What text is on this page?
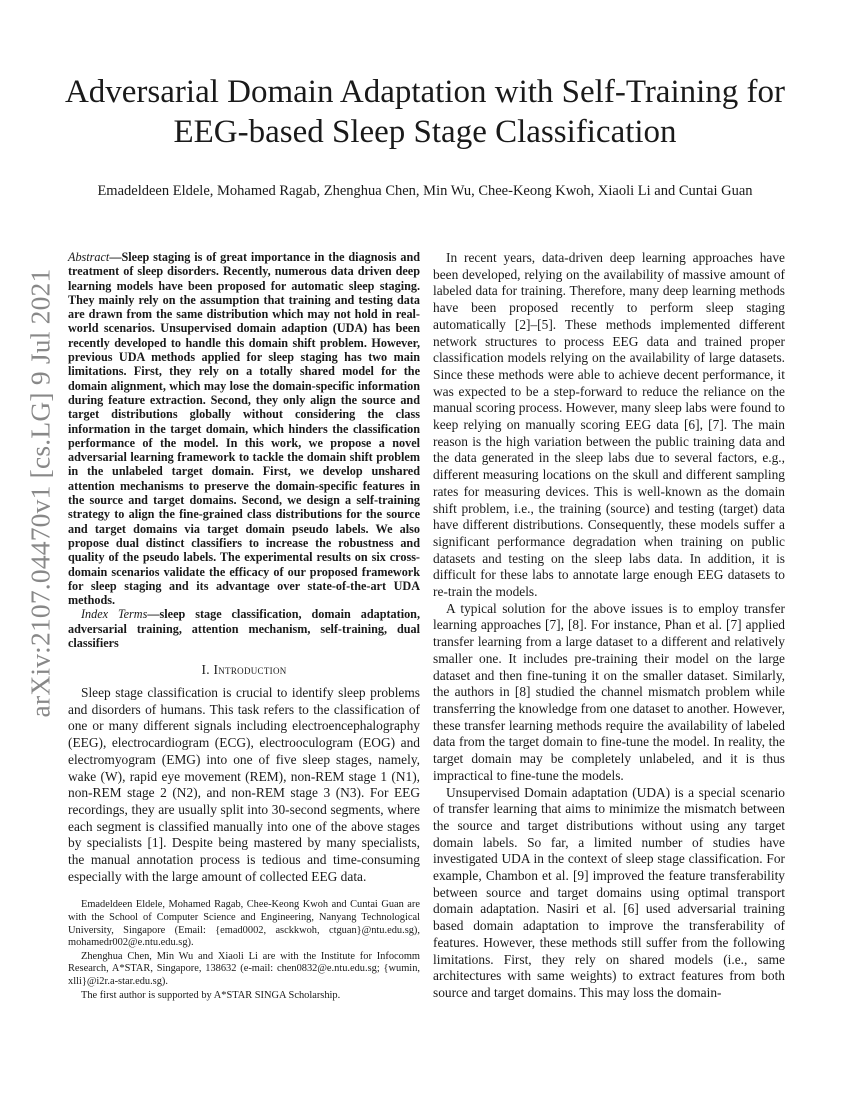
arXiv:2107.04470v1 [cs.LG] 9 Jul 2021
Adversarial Domain Adaptation with Self-Training for EEG-based Sleep Stage Classification

Emadeldeen Eldele, Mohamed Ragab, Zhenghua Chen, Min Wu, Chee-Keong Kwoh, Xiaoli Li and Cuntai Guan

Abstract—Sleep staging is of great importance in the diagnosis and treatment of sleep disorders. Recently, numerous data driven deep learning models have been proposed for automatic sleep staging. They mainly rely on the assumption that training and testing data are drawn from the same distribution which may not hold in real-world scenarios. Unsupervised domain adaption (UDA) has been recently developed to handle this domain shift problem. However, previous UDA methods applied for sleep staging has two main limitations. First, they rely on a totally shared model for the domain alignment, which may lose the domain-specific information during feature extraction. Second, they only align the source and target distributions globally without considering the class information in the target domain, which hinders the classification performance of the model. In this work, we propose a novel adversarial learning framework to tackle the domain shift problem in the unlabeled target domain. First, we develop unshared attention mechanisms to preserve the domain-specific features in the source and target domains. Second, we design a self-training strategy to align the fine-grained class distributions for the source and target domains via target domain pseudo labels. We also propose dual distinct classifiers to increase the robustness and quality of the pseudo labels. The experimental results on six cross-domain scenarios validate the efficacy of our proposed framework for sleep staging and its advantage over state-of-the-art UDA methods.

Index Terms—sleep stage classification, domain adaptation, adversarial training, attention mechanism, self-training, dual classifiers

I. Introduction

Sleep stage classification is crucial to identify sleep problems and disorders of humans. This task refers to the classification of one or many different signals including electroencephalography (EEG), electrocardiogram (ECG), electrooculogram (EOG) and electromyogram (EMG) into one of five sleep stages, namely, wake (W), rapid eye movement (REM), non-REM stage 1 (N1), non-REM stage 2 (N2), and non-REM stage 3 (N3). For EEG recordings, they are usually split into 30-second segments, where each segment is classified manually into one of the above stages by specialists [1]. Despite being mastered by many specialists, the manual annotation process is tedious and time-consuming especially with the large amount of collected EEG data.

Emadeldeen Eldele, Mohamed Ragab, Chee-Keong Kwoh and Cuntai Guan are with the School of Computer Science and Engineering, Nanyang Technological University, Singapore (Email: {emad0002, asckkwoh, ctguan}@ntu.edu.sg), mohamedr002@e.ntu.edu.sg).

Zhenghua Chen, Min Wu and Xiaoli Li are with the Institute for Infocomm Research, A*STAR, Singapore, 138632 (e-mail: chen0832@e.ntu.edu.sg; {wumin, xlli}@i2r.a-star.edu.sg).

The first author is supported by A*STAR SINGA Scholarship.

In recent years, data-driven deep learning approaches have been developed, relying on the availability of massive amount of labeled data for training. Therefore, many deep learning methods have been proposed recently to perform sleep staging automatically [2]–[5]. These methods implemented different network structures to process EEG data and trained proper classification models relying on the availability of large datasets. Since these methods were able to achieve decent performance, it was expected to be a step-forward to reduce the reliance on the manual scoring process. However, many sleep labs were found to keep relying on manually scoring EEG data [6], [7]. The main reason is the high variation between the public training data and the data generated in the sleep labs due to several factors, e.g., different measuring locations on the skull and different sampling rates for measuring devices. This is well-known as the domain shift problem, i.e., the training (source) and testing (target) data have different distributions. Consequently, these models suffer a significant performance degradation when training on public datasets and testing on the sleep labs data. In addition, it is difficult for these labs to annotate large enough EEG datasets to re-train the models.

A typical solution for the above issues is to employ transfer learning approaches [7], [8]. For instance, Phan et al. [7] applied transfer learning from a large dataset to a different and relatively smaller one. It includes pre-training their model on the large dataset and then fine-tuning it on the smaller dataset. Similarly, the authors in [8] studied the channel mismatch problem while transferring the knowledge from one dataset to another. However, these transfer learning methods require the availability of labeled data from the target domain to fine-tune the model. In reality, the target domain may be completely unlabeled, and it is thus impractical to fine-tune the models.

Unsupervised Domain adaptation (UDA) is a special scenario of transfer learning that aims to minimize the mismatch between the source and target distributions without using any target domain labels. So far, a limited number of studies have investigated UDA in the context of sleep stage classification. For example, Chambon et al. [9] improved the feature transferability between source and target domains using optimal transport domain adaptation. Nasiri et al. [6] used adversarial training based domain adaptation to improve the transferability of features. However, these methods still suffer from the following limitations. First, they rely on shared models (i.e., same architectures with same weights) to extract features from both source and target domains. This may loss the domain-
